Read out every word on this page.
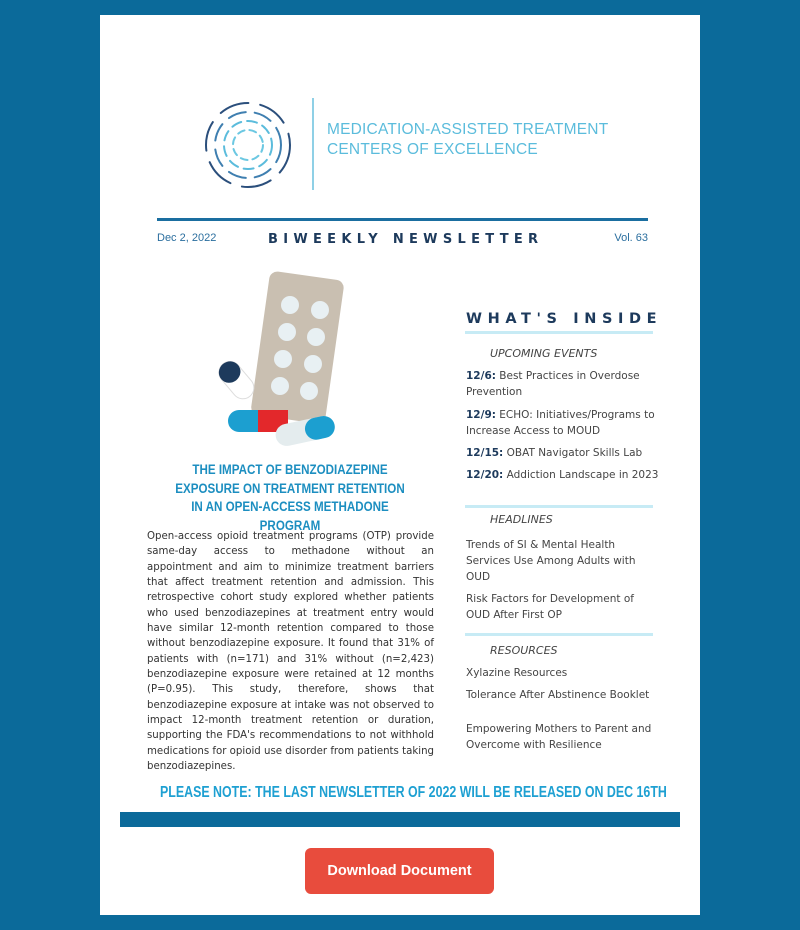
MEDICATION-ASSISTED TREATMENT
CENTERS OF EXCELLENCE
Dec 2, 2022	BIWEEKLY NEWSLETTER	Vol. 63
THE IMPACT OF BENZODIAZEPINE EXPOSURE ON TREATMENT RETENTION IN AN OPEN-ACCESS METHADONE PROGRAM
Open-access opioid treatment programs (OTP) provide same-day access to methadone without an appointment and aim to minimize treatment barriers that affect treatment retention and admission. This retrospective cohort study explored whether patients who used benzodiazepines at treatment entry would have similar 12-month retention compared to those without benzodiazepine exposure. It found that 31% of patients with (n=171) and 31% without (n=2,423) benzodiazepine exposure were retained at 12 months (P=0.95). This study, therefore, shows that benzodiazepine exposure at intake was not observed to impact 12-month treatment retention or duration, supporting the FDA's recommendations to not withhold medications for opioid use disorder from patients taking benzodiazepines.
WHAT'S INSIDE
UPCOMING EVENTS
12/6: Best Practices in Overdose Prevention
12/9: ECHO: Initiatives/Programs to Increase Access to MOUD
12/15: OBAT Navigator Skills Lab
12/20: Addiction Landscape in 2023
HEADLINES
Trends of SI & Mental Health Services Use Among Adults with OUD
Risk Factors for Development of OUD After First OP
RESOURCES
Xylazine Resources
Tolerance After Abstinence Booklet
Empowering Mothers to Parent and Overcome with Resilience
PLEASE NOTE: THE LAST NEWSLETTER OF 2022 WILL BE RELEASED ON DEC 16TH
Download Document
